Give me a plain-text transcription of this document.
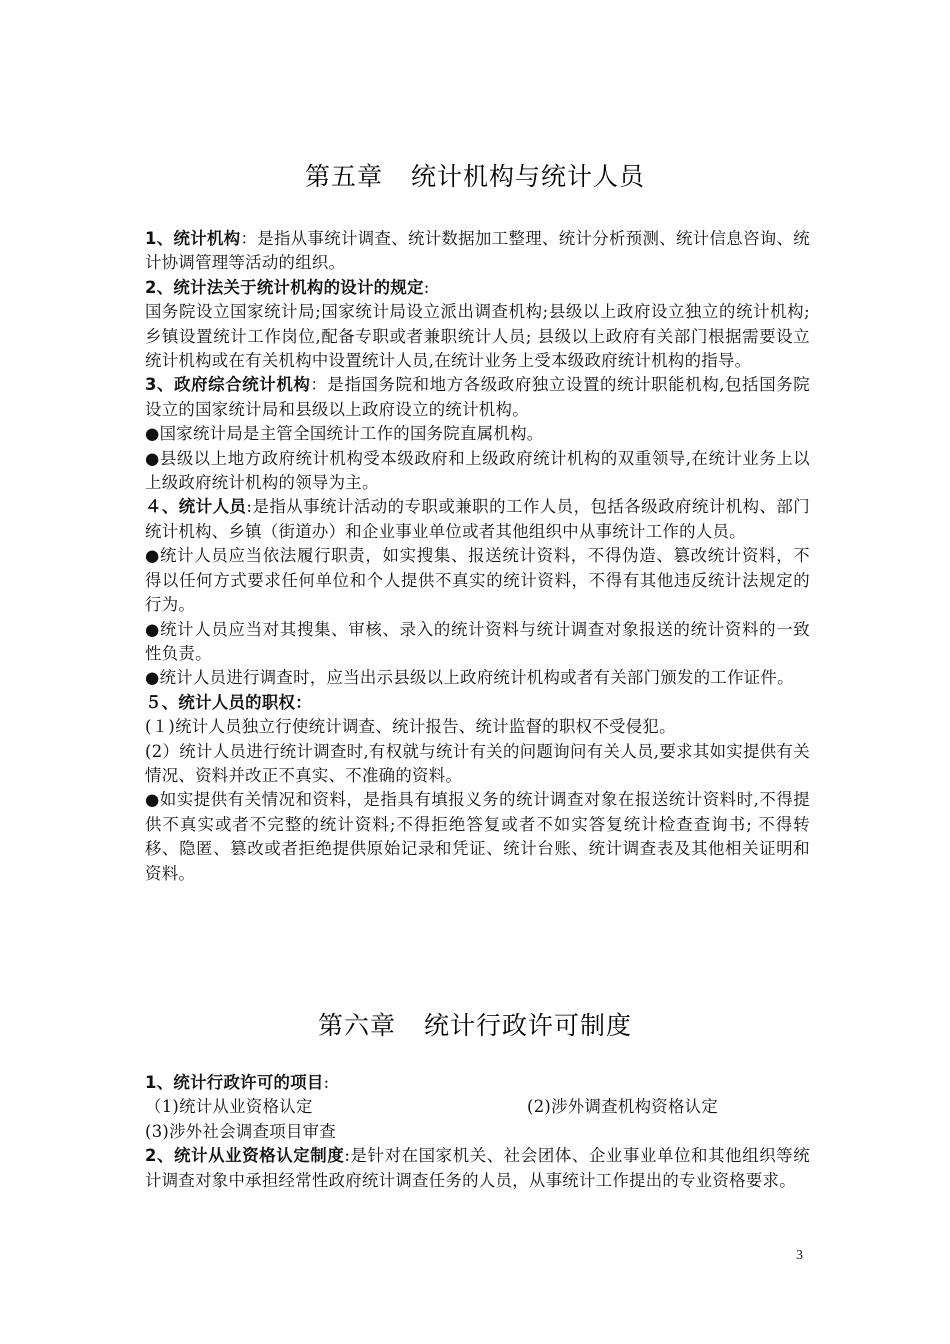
第五章 统计机构与统计人员

1、统计机构：是指从事统计调查、统计数据加工整理、统计分析预测、统计信息咨询、统计协调管理等活动的组织。

2、统计法关于统计机构的设计的规定:

国务院设立国家统计局;国家统计局设立派出调查机构;县级以上政府设立独立的统计机构;乡镇设置统计工作岗位,配备专职或者兼职统计人员; 县级以上政府有关部门根据需要设立统计机构或在有关机构中设置统计人员,在统计业务上受本级政府统计机构的指导。

3、政府综合统计机构：是指国务院和地方各级政府独立设置的统计职能机构,包括国务院设立的国家统计局和县级以上政府设立的统计机构。

●国家统计局是主管全国统计工作的国务院直属机构。

●县级以上地方政府统计机构受本级政府和上级政府统计机构的双重领导,在统计业务上以上级政府统计机构的领导为主。

４、统计人员:是指从事统计活动的专职或兼职的工作人员，包括各级政府统计机构、部门统计机构、乡镇（街道办）和企业事业单位或者其他组织中从事统计工作的人员。

●统计人员应当依法履行职责，如实搜集、报送统计资料，不得伪造、篡改统计资料，不得以任何方式要求任何单位和个人提供不真实的统计资料，不得有其他违反统计法规定的行为。

●统计人员应当对其搜集、审核、录入的统计资料与统计调查对象报送的统计资料的一致性负责。

●统计人员进行调查时，应当出示县级以上政府统计机构或者有关部门颁发的工作证件。

５、统计人员的职权：

(１)统计人员独立行使统计调查、统计报告、统计监督的职权不受侵犯。

(2）统计人员进行统计调查时,有权就与统计有关的问题询问有关人员,要求其如实提供有关情况、资料并改正不真实、不准确的资料。

●如实提供有关情况和资料，是指具有填报义务的统计调查对象在报送统计资料时,不得提供不真实或者不完整的统计资料;不得拒绝答复或者不如实答复统计检查查询书; 不得转移、隐匿、篡改或者拒绝提供原始记录和凭证、统计台账、统计调查表及其他相关证明和资料。

第六章 统计行政许可制度

1、统计行政许可的项目:

（1)统计从业资格认定	(2)涉外调查机构资格认定

(3)涉外社会调查项目审查

2、统计从业资格认定制度:是针对在国家机关、社会团体、企业事业单位和其他组织等统计调查对象中承担经常性政府统计调查任务的人员，从事统计工作提出的专业资格要求。

3
